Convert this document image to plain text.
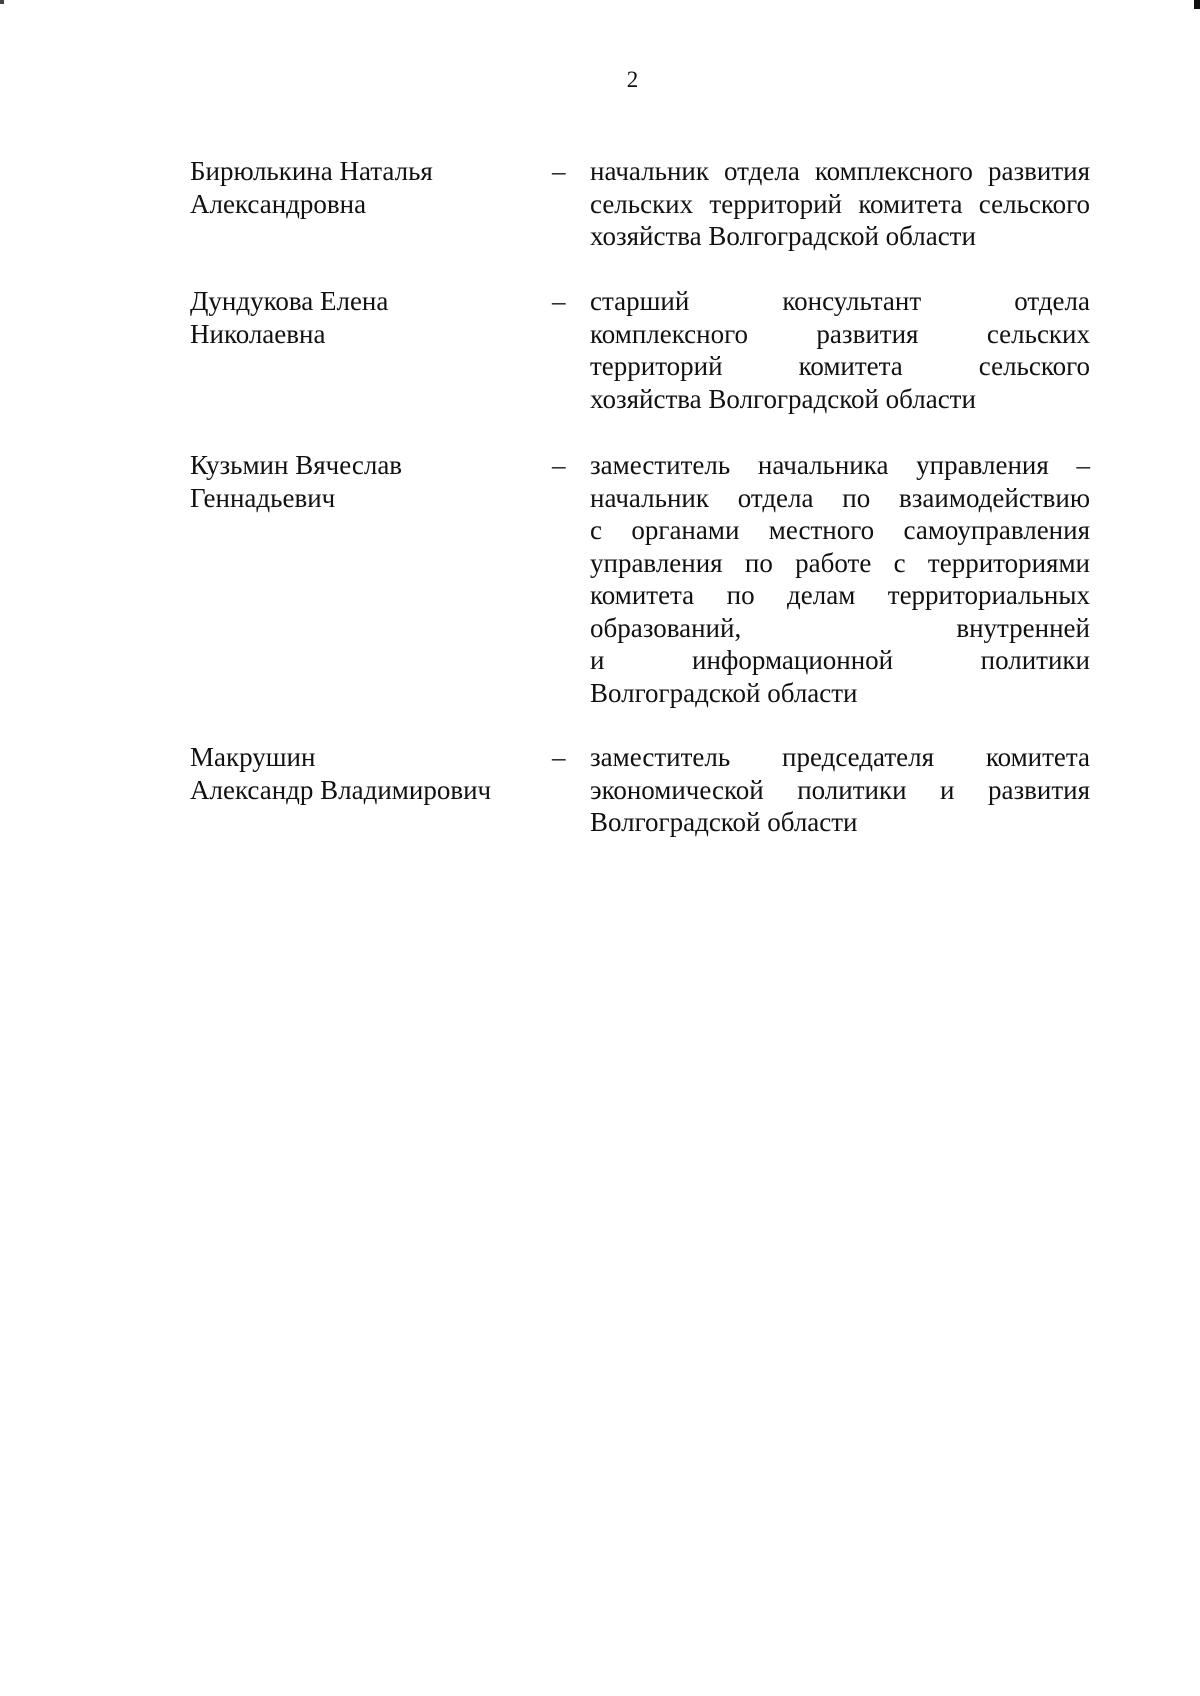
2
Бирюлькина Наталья
Александровна
– начальник отдела комплексного развития
сельских территорий комитета сельского
хозяйства Волгоградской области
Дундукова Елена
Николаевна
– старший консультант отдела
комплексного развития сельских
территорий комитета сельского
хозяйства Волгоградской области
Кузьмин Вячеслав
Геннадьевич
– заместитель начальника управления –
начальник отдела по взаимодействию
с органами местного самоуправления
управления по работе с территориями
комитета по делам территориальных
образований, внутренней
и информационной политики
Волгоградской области
Макрушин
Александр Владимирович
– заместитель председателя комитета
экономической политики и развития
Волгоградской области
